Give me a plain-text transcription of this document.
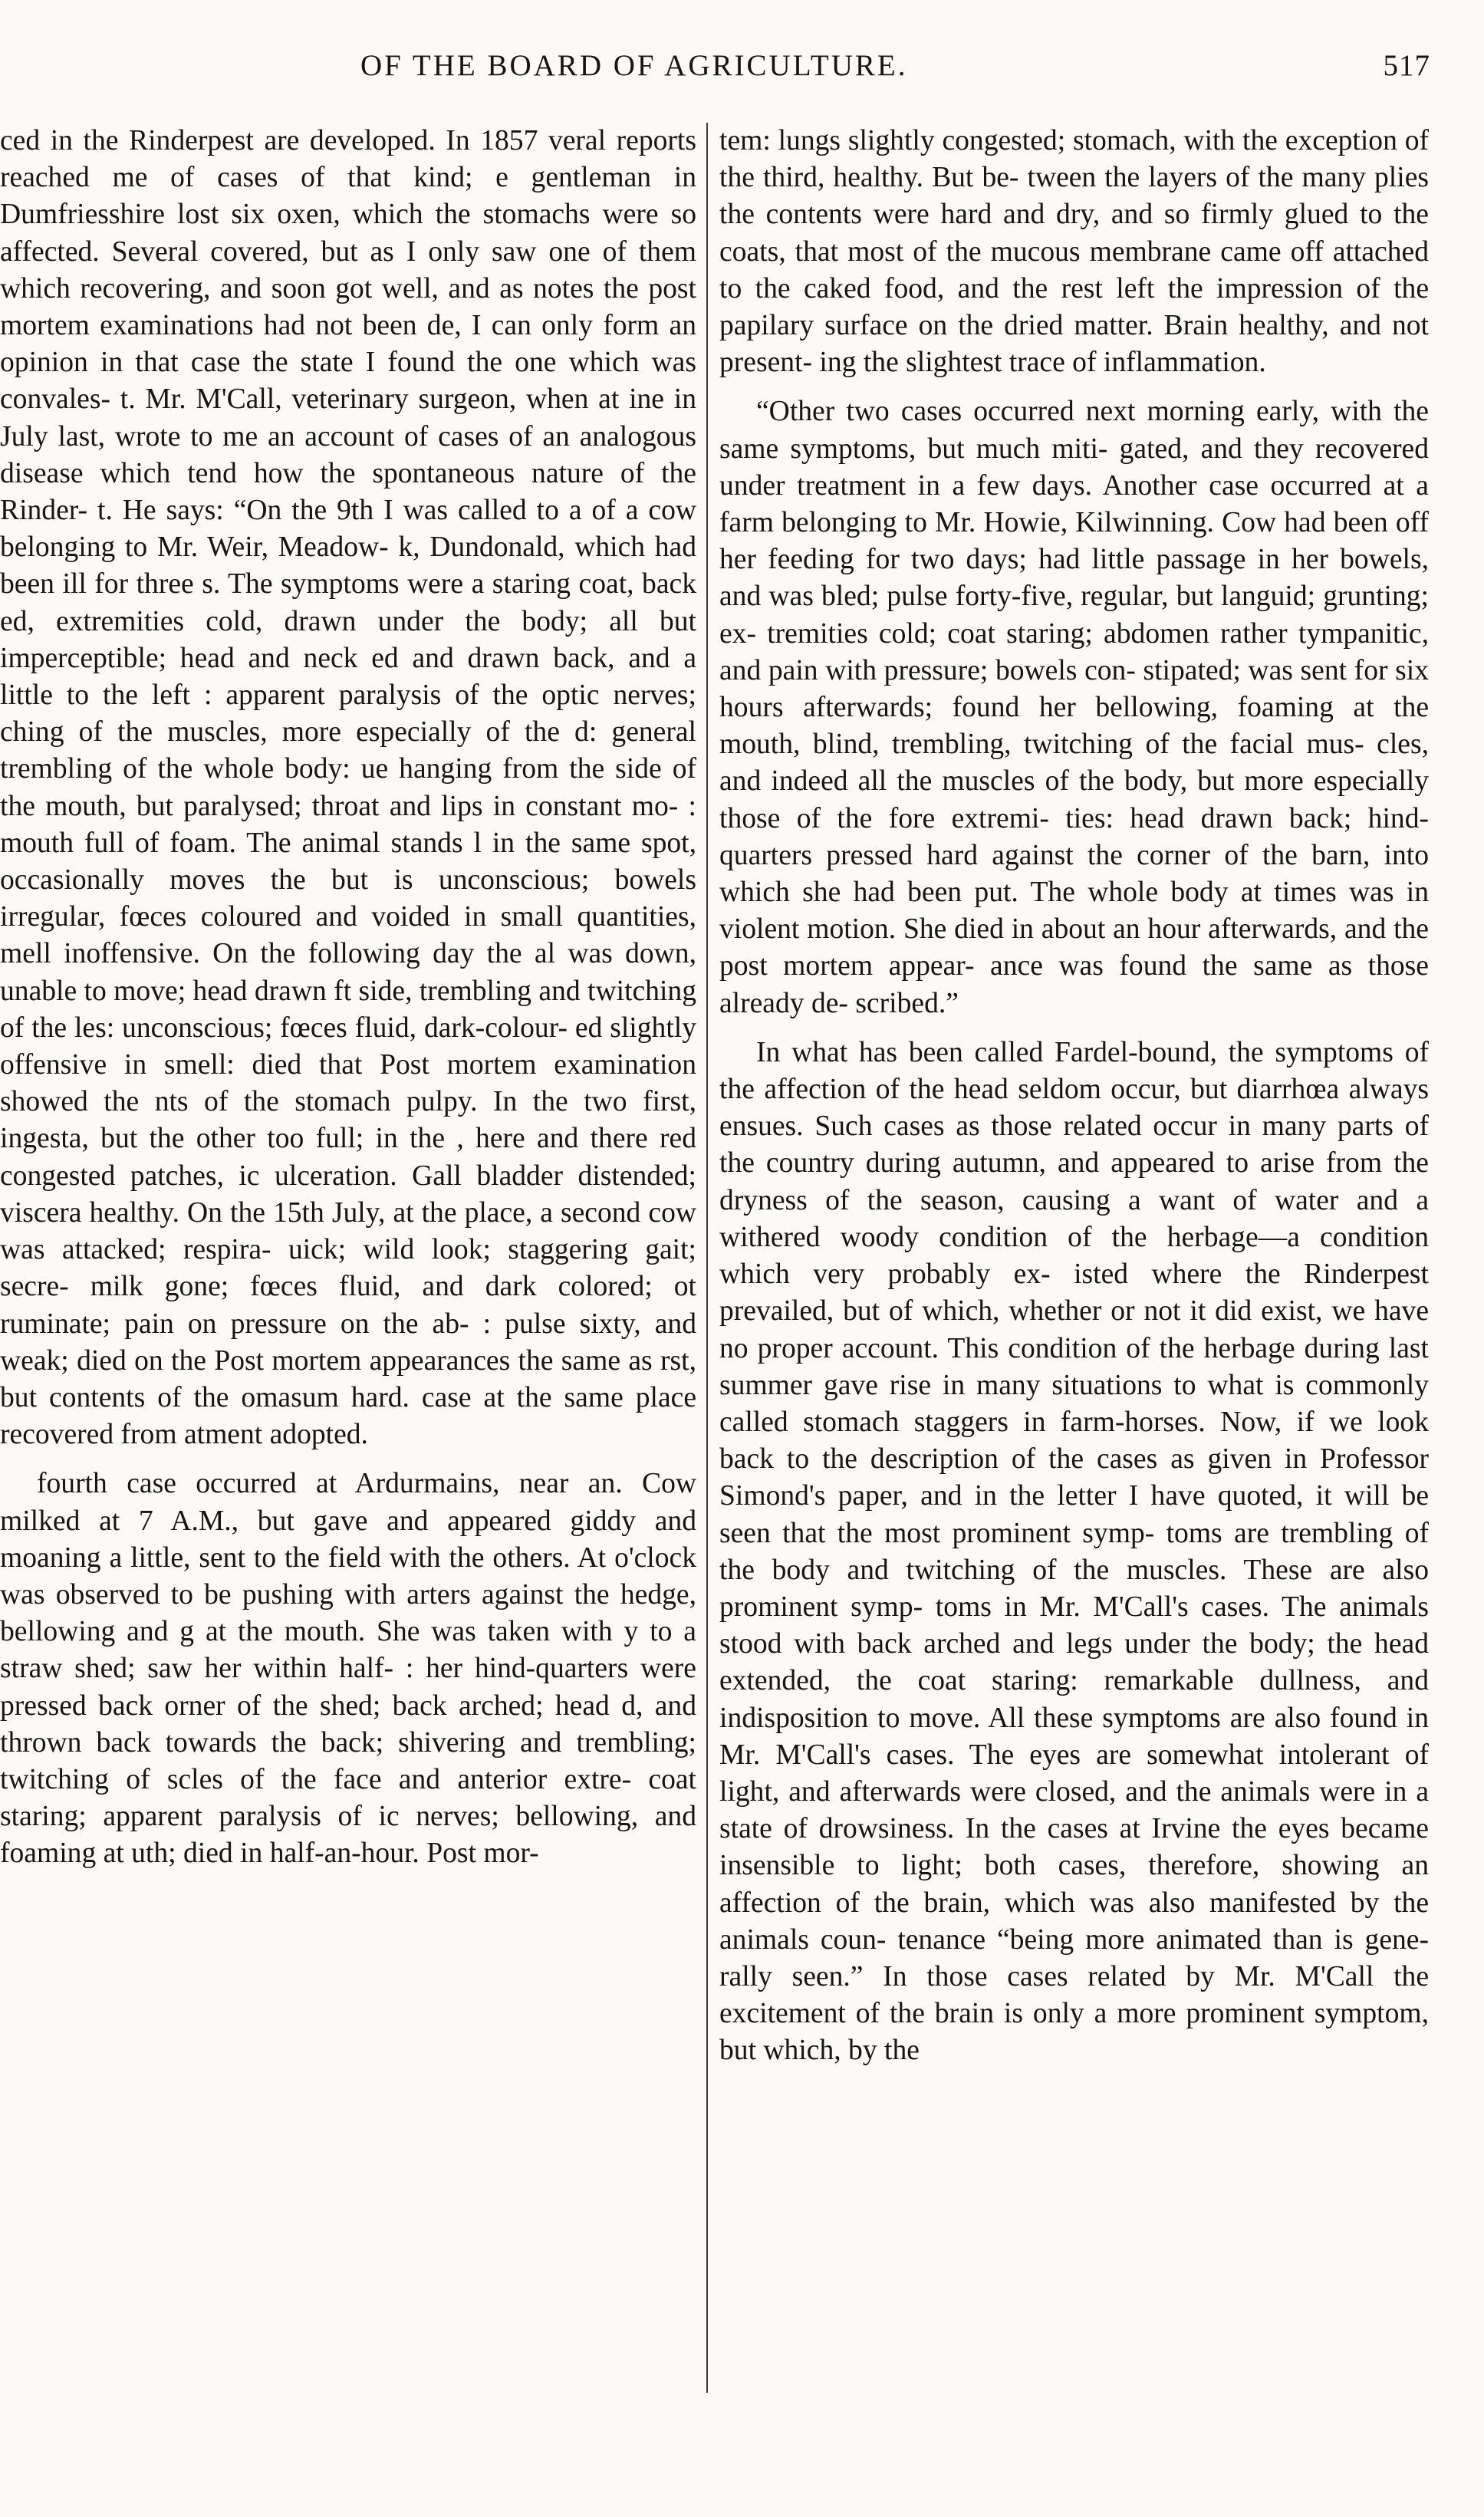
OF THE BOARD OF AGRICULTURE.	517

ced in the Rinderpest are developed. In 1857 veral reports reached me of cases of that kind; e gentleman in Dumfriesshire lost six oxen, which the stomachs were so affected. Several covered, but as I only saw one of them which recovering, and soon got well, and as notes the post mortem examinations had not been de, I can only form an opinion in that case the state I found the one which was convales- t. Mr. M'Call, veterinary surgeon, when at ine in July last, wrote to me an account of cases of an analogous disease which tend how the spontaneous nature of the Rinder- t. He says: “On the 9th I was called to a of a cow belonging to Mr. Weir, Meadow- k, Dundonald, which had been ill for three s. The symptoms were a staring coat, back ed, extremities cold, drawn under the body; all but imperceptible; head and neck ed and drawn back, and a little to the left : apparent paralysis of the optic nerves; ching of the muscles, more especially of the d: general trembling of the whole body: ue hanging from the side of the mouth, but paralysed; throat and lips in constant mo- : mouth full of foam. The animal stands l in the same spot, occasionally moves the but is unconscious; bowels irregular, fœces coloured and voided in small quantities, mell inoffensive. On the following day the al was down, unable to move; head drawn ft side, trembling and twitching of the les: unconscious; fœces fluid, dark-colour- ed slightly offensive in smell: died that Post mortem examination showed the nts of the stomach pulpy. In the two first, ingesta, but the other too full; in the , here and there red congested patches, ic ulceration. Gall bladder distended; viscera healthy. On the 15th July, at the place, a second cow was attacked; respira- uick; wild look; staggering gait; secre- milk gone; fœces fluid, and dark colored; ot ruminate; pain on pressure on the ab- : pulse sixty, and weak; died on the Post mortem appearances the same as rst, but contents of the omasum hard. case at the same place recovered from atment adopted.

fourth case occurred at Ardurmains, near an. Cow milked at 7 A.M., but gave and appeared giddy and moaning a little, sent to the field with the others. At o'clock was observed to be pushing with arters against the hedge, bellowing and g at the mouth. She was taken with y to a straw shed; saw her within half- : her hind-quarters were pressed back orner of the shed; back arched; head d, and thrown back towards the back; shivering and trembling; twitching of scles of the face and anterior extre- coat staring; apparent paralysis of ic nerves; bellowing, and foaming at uth; died in half-an-hour. Post mor-

tem: lungs slightly congested; stomach, with the exception of the third, healthy. But be- tween the layers of the many plies the contents were hard and dry, and so firmly glued to the coats, that most of the mucous membrane came off attached to the caked food, and the rest left the impression of the papilary surface on the dried matter. Brain healthy, and not present- ing the slightest trace of inflammation.

“Other two cases occurred next morning early, with the same symptoms, but much miti- gated, and they recovered under treatment in a few days. Another case occurred at a farm belonging to Mr. Howie, Kilwinning. Cow had been off her feeding for two days; had little passage in her bowels, and was bled; pulse forty-five, regular, but languid; grunting; ex- tremities cold; coat staring; abdomen rather tympanitic, and pain with pressure; bowels con- stipated; was sent for six hours afterwards; found her bellowing, foaming at the mouth, blind, trembling, twitching of the facial mus- cles, and indeed all the muscles of the body, but more especially those of the fore extremi- ties: head drawn back; hind-quarters pressed hard against the corner of the barn, into which she had been put. The whole body at times was in violent motion. She died in about an hour afterwards, and the post mortem appear- ance was found the same as those already de- scribed.”

In what has been called Fardel-bound, the symptoms of the affection of the head seldom occur, but diarrhœa always ensues. Such cases as those related occur in many parts of the country during autumn, and appeared to arise from the dryness of the season, causing a want of water and a withered woody condition of the herbage—a condition which very probably ex- isted where the Rinderpest prevailed, but of which, whether or not it did exist, we have no proper account. This condition of the herbage during last summer gave rise in many situations to what is commonly called stomach staggers in farm-horses. Now, if we look back to the description of the cases as given in Professor Simond's paper, and in the letter I have quoted, it will be seen that the most prominent symp- toms are trembling of the body and twitching of the muscles. These are also prominent symp- toms in Mr. M'Call's cases. The animals stood with back arched and legs under the body; the head extended, the coat staring: remarkable dullness, and indisposition to move. All these symptoms are also found in Mr. M'Call's cases. The eyes are somewhat intolerant of light, and afterwards were closed, and the animals were in a state of drowsiness. In the cases at Irvine the eyes became insensible to light; both cases, therefore, showing an affection of the brain, which was also manifested by the animals coun- tenance “being more animated than is gene- rally seen.” In those cases related by Mr. M'Call the excitement of the brain is only a more prominent symptom, but which, by the
